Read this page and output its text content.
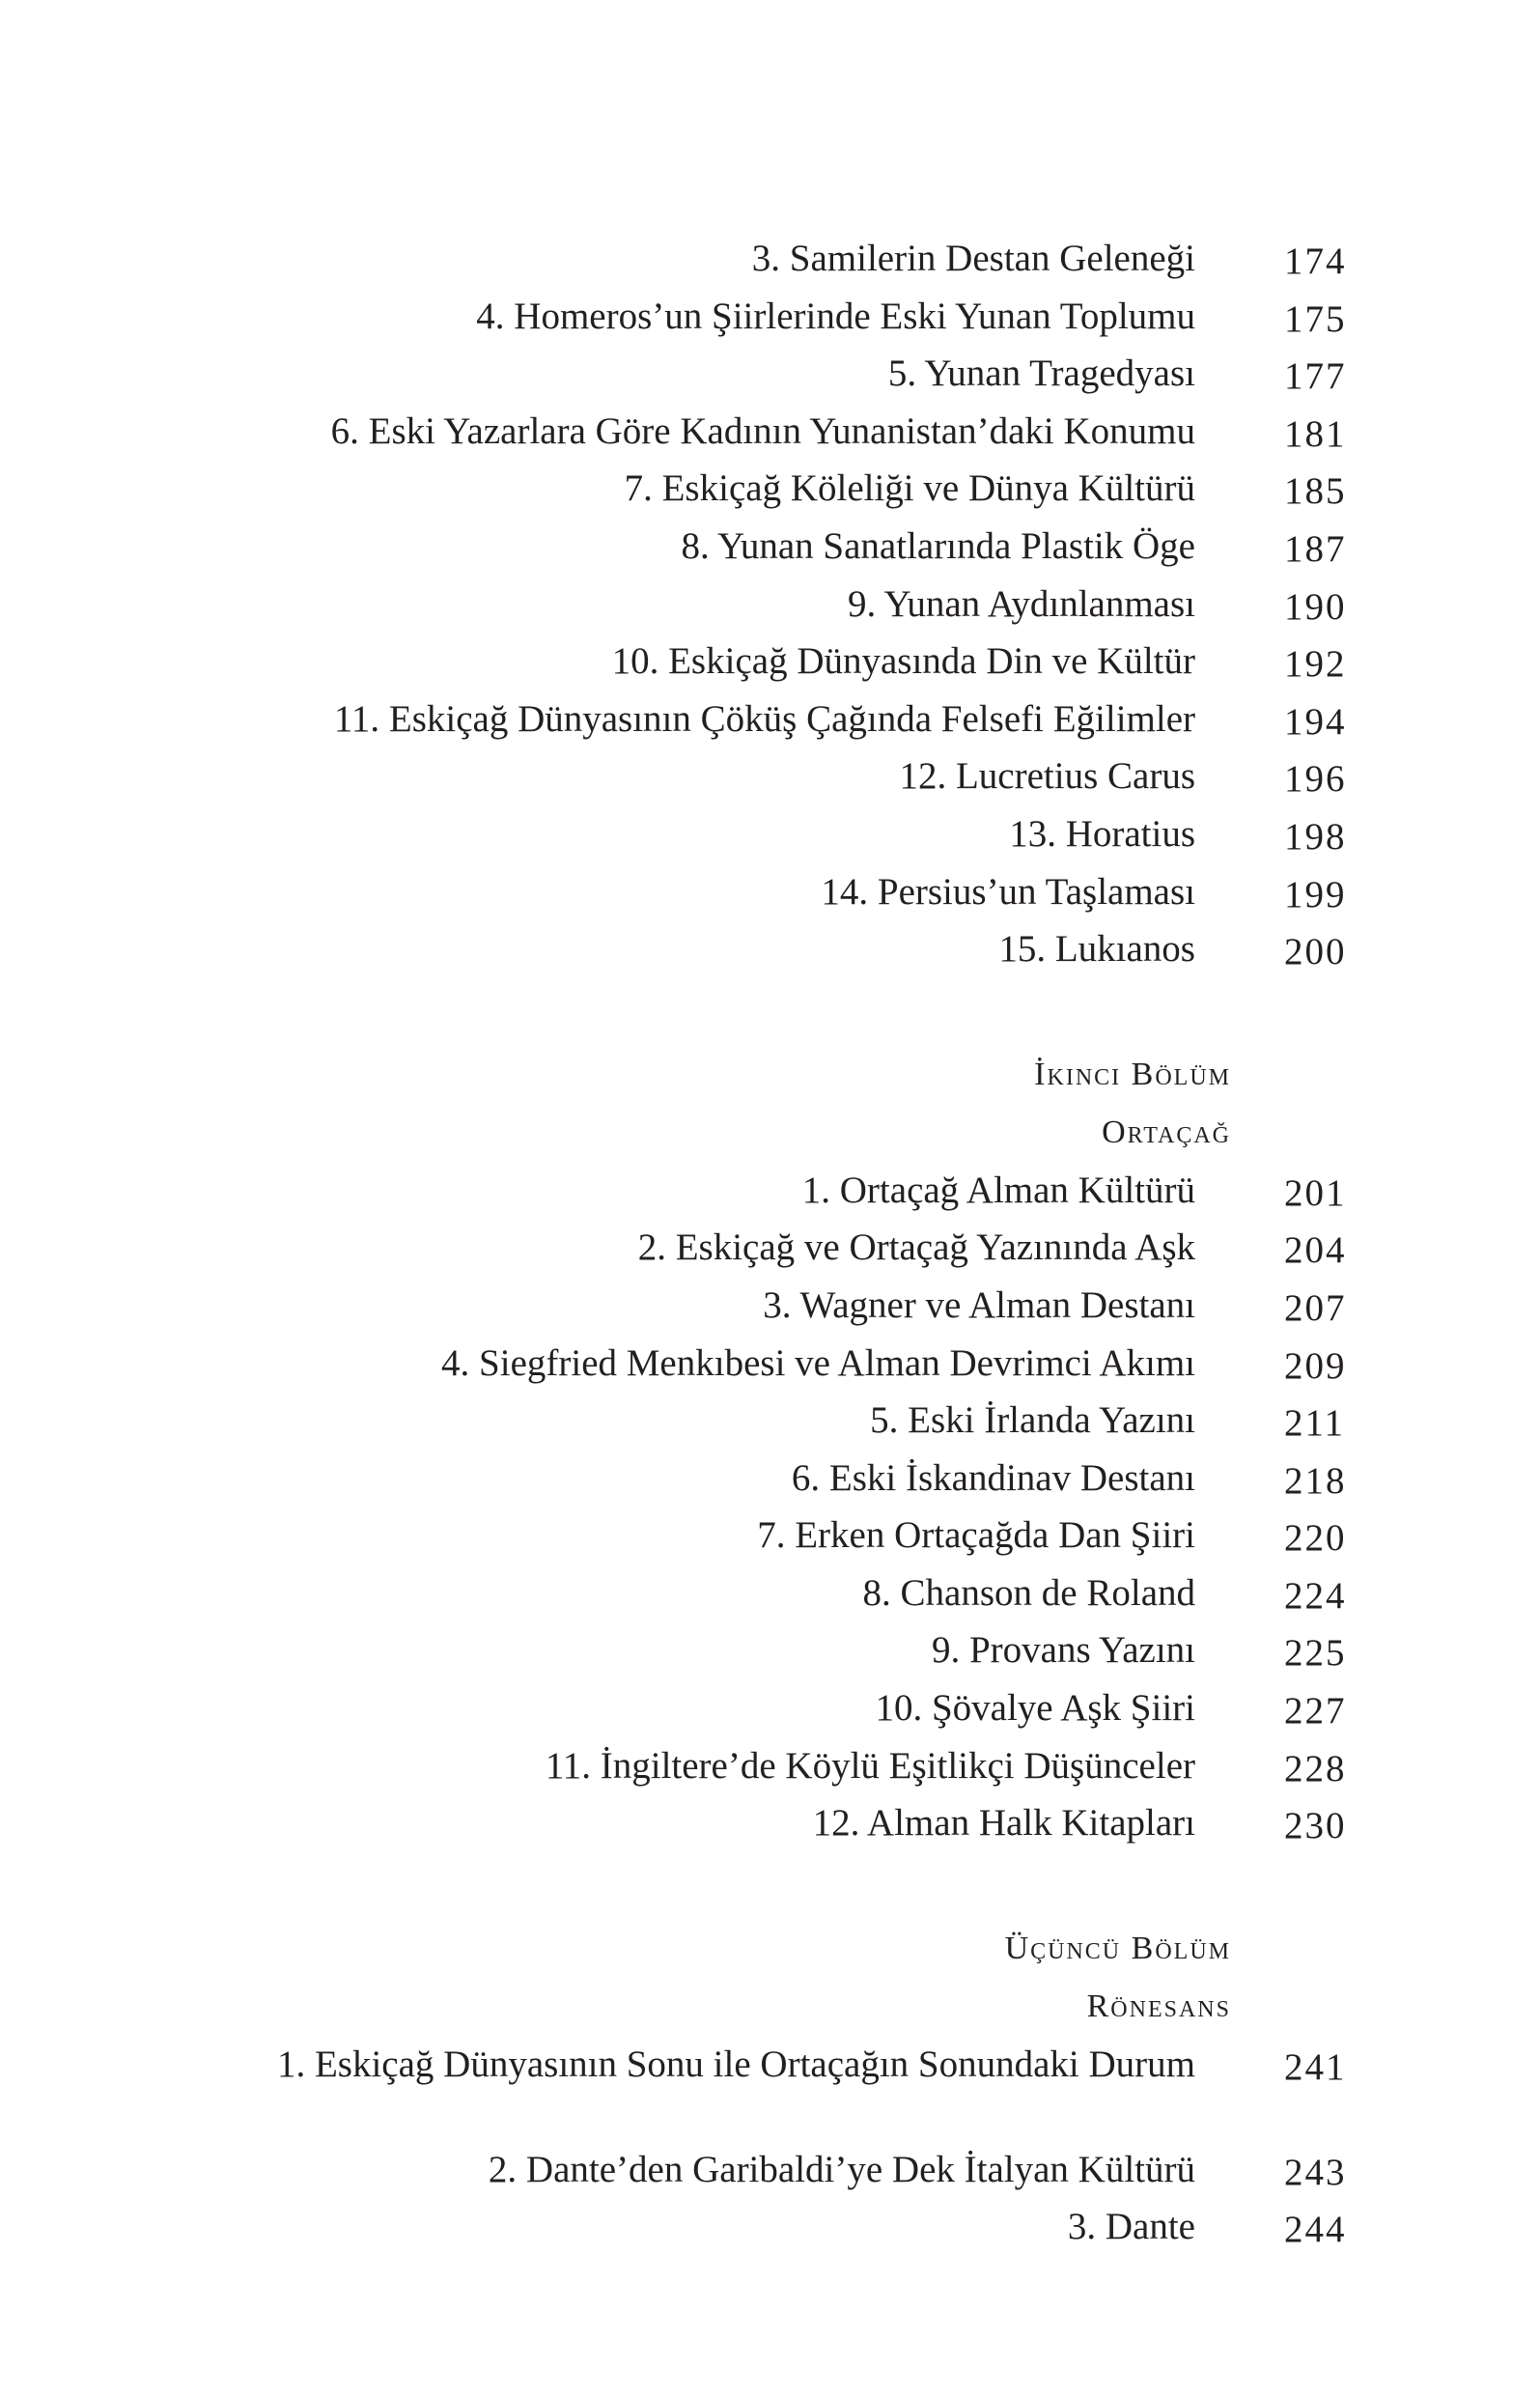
3. Samilerin Destan Geleneği 174
4. Homeros’un Şiirlerinde Eski Yunan Toplumu 175
5. Yunan Tragedyası 177
6. Eski Yazarlara Göre Kadının Yunanistan’daki Konumu 181
7. Eskiçağ Köleliği ve Dünya Kültürü 185
8. Yunan Sanatlarında Plastik Öge 187
9. Yunan Aydınlanması 190
10. Eskiçağ Dünyasında Din ve Kültür 192
11. Eskiçağ Dünyasının Çöküş Çağında Felsefi Eğilimler 194
12. Lucretius Carus 196
13. Horatius 198
14. Persius’un Taşlaması 199
15. Lukıanos 200
İkinci Bölüm
Ortaçağ
1. Ortaçağ Alman Kültürü 201
2. Eskiçağ ve Ortaçağ Yazınında Aşk 204
3. Wagner ve Alman Destanı 207
4. Siegfried Menkıbesi ve Alman Devrimci Akımı 209
5. Eski İrlanda Yazını 211
6. Eski İskandinav Destanı 218
7. Erken Ortaçağda Dan Şiiri 220
8. Chanson de Roland 224
9. Provans Yazını 225
10. Şövalye Aşk Şiiri 227
11. İngiltere’de Köylü Eşitlikçi Düşünceler 228
12. Alman Halk Kitapları 230
Üçüncü Bölüm
Rönesans
1. Eskiçağ Dünyasının Sonu ile Ortaçağın Sonundaki Durum 241
2. Dante’den Garibaldi’ye Dek İtalyan Kültürü 243
3. Dante 244
